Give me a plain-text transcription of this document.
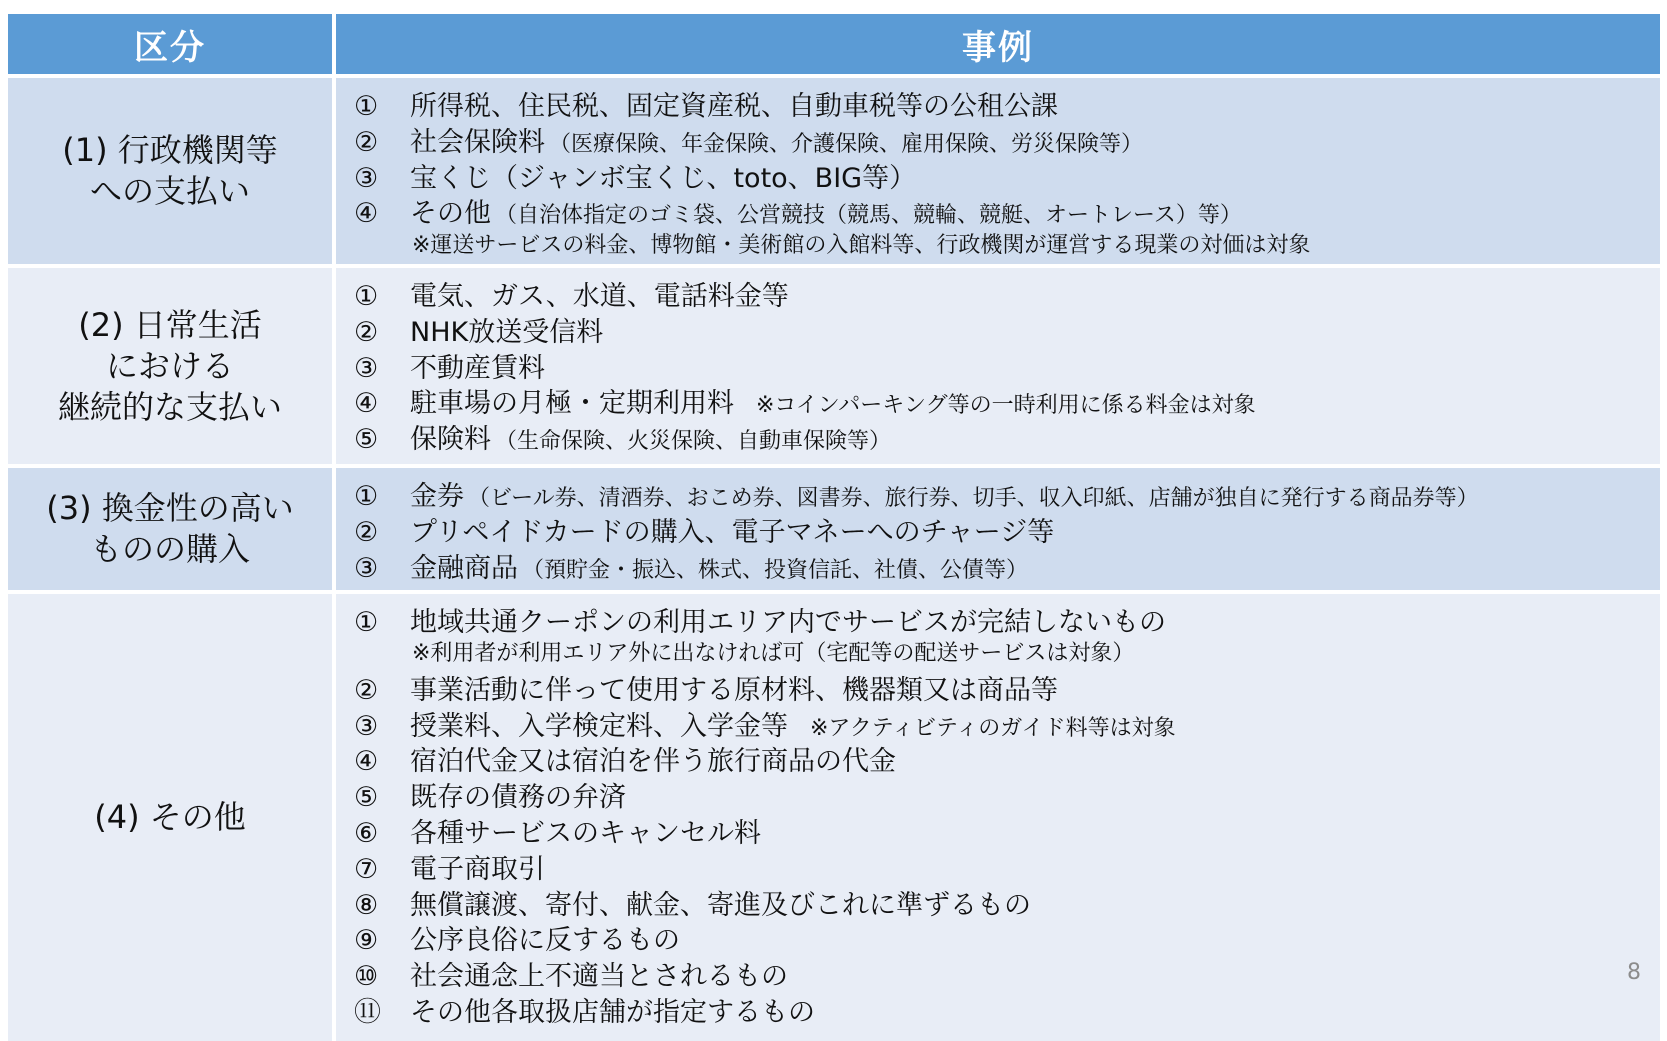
区分	事例
(1) 行政機関等
への支払い
①	所得税、住民税、固定資産税、自動車税等の公租公課
②	社会保険料 （医療保険、年金保険、介護保険、雇用保険、労災保険等）
③	宝くじ（ジャンボ宝くじ、toto、BIG等）
④	その他 （自治体指定のゴミ袋、公営競技（競馬、競輪、競艇、オートレース）等）
※運送サービスの料金、博物館・美術館の入館料等、行政機関が運営する現業の対価は対象
(2) 日常生活
における
継続的な支払い
①	電気、ガス、水道、電話料金等
②	NHK放送受信料
③	不動産賃料
④	駐車場の月極・定期利用料 ※コインパーキング等の一時利用に係る料金は対象
⑤	保険料 （生命保険、火災保険、自動車保険等）
(3) 換金性の高い
ものの購入
①	金券 （ビール券、清酒券、おこめ券、図書券、旅行券、切手、収入印紙、店舗が独自に発行する商品券等）
②	プリペイドカードの購入、電子マネーへのチャージ等
③	金融商品 （預貯金・振込、株式、投資信託、社債、公債等）
(4) その他
①	地域共通クーポンの利用エリア内でサービスが完結しないもの
※利用者が利用エリア外に出なければ可（宅配等の配送サービスは対象）
②	事業活動に伴って使用する原材料、機器類又は商品等
③	授業料、入学検定料、入学金等 ※アクティビティのガイド料等は対象
④	宿泊代金又は宿泊を伴う旅行商品の代金
⑤	既存の債務の弁済
⑥	各種サービスのキャンセル料
⑦	電子商取引
⑧	無償譲渡、寄付、献金、寄進及びこれに準ずるもの
⑨	公序良俗に反するもの
⑩	社会通念上不適当とされるもの
⑪	その他各取扱店舗が指定するもの
8
